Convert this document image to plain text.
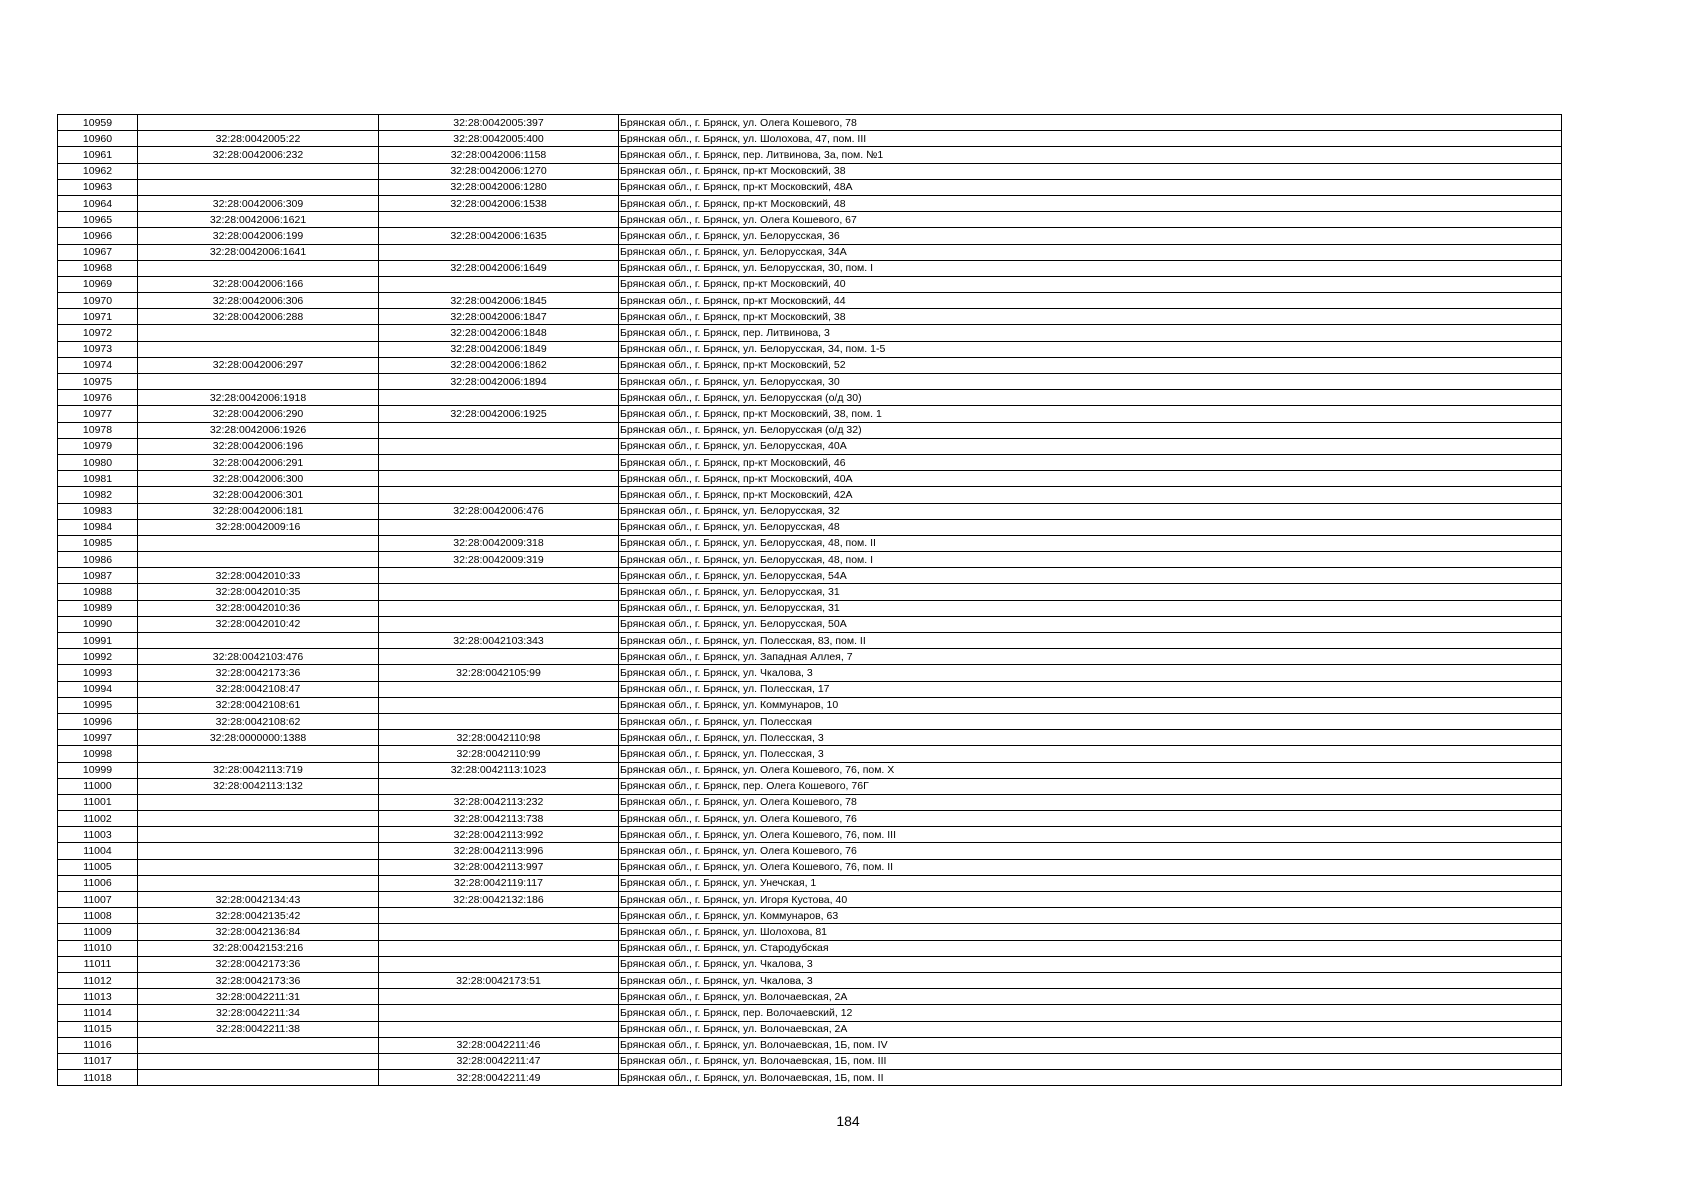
10959		32:28:0042005:397	Брянская обл., г. Брянск, ул. Олега Кошевого, 78
10960	32:28:0042005:22	32:28:0042005:400	Брянская обл., г. Брянск, ул. Шолохова, 47, пом. III
10961	32:28:0042006:232	32:28:0042006:1158	Брянская обл., г. Брянск, пер. Литвинова, 3а, пом. №1
10962		32:28:0042006:1270	Брянская обл., г. Брянск, пр-кт Московский, 38
10963		32:28:0042006:1280	Брянская обл., г. Брянск, пр-кт Московский, 48А
10964	32:28:0042006:309	32:28:0042006:1538	Брянская обл., г. Брянск, пр-кт Московский, 48
10965	32:28:0042006:1621		Брянская обл., г. Брянск, ул. Олега Кошевого, 67
10966	32:28:0042006:199	32:28:0042006:1635	Брянская обл., г. Брянск, ул. Белорусская, 36
10967	32:28:0042006:1641		Брянская обл., г. Брянск, ул. Белорусская, 34А
10968		32:28:0042006:1649	Брянская обл., г. Брянск, ул. Белорусская, 30, пом. I
10969	32:28:0042006:166		Брянская обл., г. Брянск, пр-кт Московский, 40
10970	32:28:0042006:306	32:28:0042006:1845	Брянская обл., г. Брянск, пр-кт Московский, 44
10971	32:28:0042006:288	32:28:0042006:1847	Брянская обл., г. Брянск, пр-кт Московский, 38
10972		32:28:0042006:1848	Брянская обл., г. Брянск, пер. Литвинова, 3
10973		32:28:0042006:1849	Брянская обл., г. Брянск, ул. Белорусская, 34, пом. 1-5
10974	32:28:0042006:297	32:28:0042006:1862	Брянская обл., г. Брянск, пр-кт Московский, 52
10975		32:28:0042006:1894	Брянская обл., г. Брянск, ул. Белорусская, 30
10976	32:28:0042006:1918		Брянская обл., г. Брянск, ул. Белорусская (о/д 30)
10977	32:28:0042006:290	32:28:0042006:1925	Брянская обл., г. Брянск, пр-кт Московский, 38, пом. 1
10978	32:28:0042006:1926		Брянская обл., г. Брянск, ул. Белорусская (о/д 32)
10979	32:28:0042006:196		Брянская обл., г. Брянск, ул. Белорусская, 40А
10980	32:28:0042006:291		Брянская обл., г. Брянск, пр-кт Московский, 46
10981	32:28:0042006:300		Брянская обл., г. Брянск, пр-кт Московский, 40А
10982	32:28:0042006:301		Брянская обл., г. Брянск, пр-кт Московский, 42А
10983	32:28:0042006:181	32:28:0042006:476	Брянская обл., г. Брянск, ул. Белорусская, 32
10984	32:28:0042009:16		Брянская обл., г. Брянск, ул. Белорусская, 48
10985		32:28:0042009:318	Брянская обл., г. Брянск, ул. Белорусская, 48, пом. II
10986		32:28:0042009:319	Брянская обл., г. Брянск, ул. Белорусская, 48, пом. I
10987	32:28:0042010:33		Брянская обл., г. Брянск, ул. Белорусская, 54А
10988	32:28:0042010:35		Брянская обл., г. Брянск, ул. Белорусская, 31
10989	32:28:0042010:36		Брянская обл., г. Брянск, ул. Белорусская, 31
10990	32:28:0042010:42		Брянская обл., г. Брянск, ул. Белорусская, 50А
10991		32:28:0042103:343	Брянская обл., г. Брянск, ул. Полесская, 83, пом. II
10992	32:28:0042103:476		Брянская обл., г. Брянск, ул. Западная Аллея, 7
10993	32:28:0042173:36	32:28:0042105:99	Брянская обл., г. Брянск, ул. Чкалова, 3
10994	32:28:0042108:47		Брянская обл., г. Брянск, ул. Полесская, 17
10995	32:28:0042108:61		Брянская обл., г. Брянск, ул. Коммунаров, 10
10996	32:28:0042108:62		Брянская обл., г. Брянск, ул. Полесская
10997	32:28:0000000:1388	32:28:0042110:98	Брянская обл., г. Брянск, ул. Полесская, 3
10998		32:28:0042110:99	Брянская обл., г. Брянск, ул. Полесская, 3
10999	32:28:0042113:719	32:28:0042113:1023	Брянская обл., г. Брянск, ул. Олега Кошевого, 76, пом. X
11000	32:28:0042113:132		Брянская обл., г. Брянск, пер. Олега Кошевого, 76Г
11001		32:28:0042113:232	Брянская обл., г. Брянск, ул. Олега Кошевого, 78
11002		32:28:0042113:738	Брянская обл., г. Брянск, ул. Олега Кошевого, 76
11003		32:28:0042113:992	Брянская обл., г. Брянск, ул. Олега Кошевого, 76, пом. III
11004		32:28:0042113:996	Брянская обл., г. Брянск, ул. Олега Кошевого, 76
11005		32:28:0042113:997	Брянская обл., г. Брянск, ул. Олега Кошевого, 76, пом. II
11006		32:28:0042119:117	Брянская обл., г. Брянск, ул. Унечская, 1
11007	32:28:0042134:43	32:28:0042132:186	Брянская обл., г. Брянск, ул. Игоря Кустова, 40
11008	32:28:0042135:42		Брянская обл., г. Брянск, ул. Коммунаров, 63
11009	32:28:0042136:84		Брянская обл., г. Брянск, ул. Шолохова, 81
11010	32:28:0042153:216		Брянская обл., г. Брянск, ул. Стародубская
11011	32:28:0042173:36		Брянская обл., г. Брянск, ул. Чкалова, 3
11012	32:28:0042173:36	32:28:0042173:51	Брянская обл., г. Брянск, ул. Чкалова, 3
11013	32:28:0042211:31		Брянская обл., г. Брянск, ул. Волочаевская, 2А
11014	32:28:0042211:34		Брянская обл., г. Брянск, пер. Волочаевский, 12
11015	32:28:0042211:38		Брянская обл., г. Брянск, ул. Волочаевская, 2А
11016		32:28:0042211:46	Брянская обл., г. Брянск, ул. Волочаевская, 1Б, пом. IV
11017		32:28:0042211:47	Брянская обл., г. Брянск, ул. Волочаевская, 1Б, пом. III
11018		32:28:0042211:49	Брянская обл., г. Брянск, ул. Волочаевская, 1Б, пом. II
184
